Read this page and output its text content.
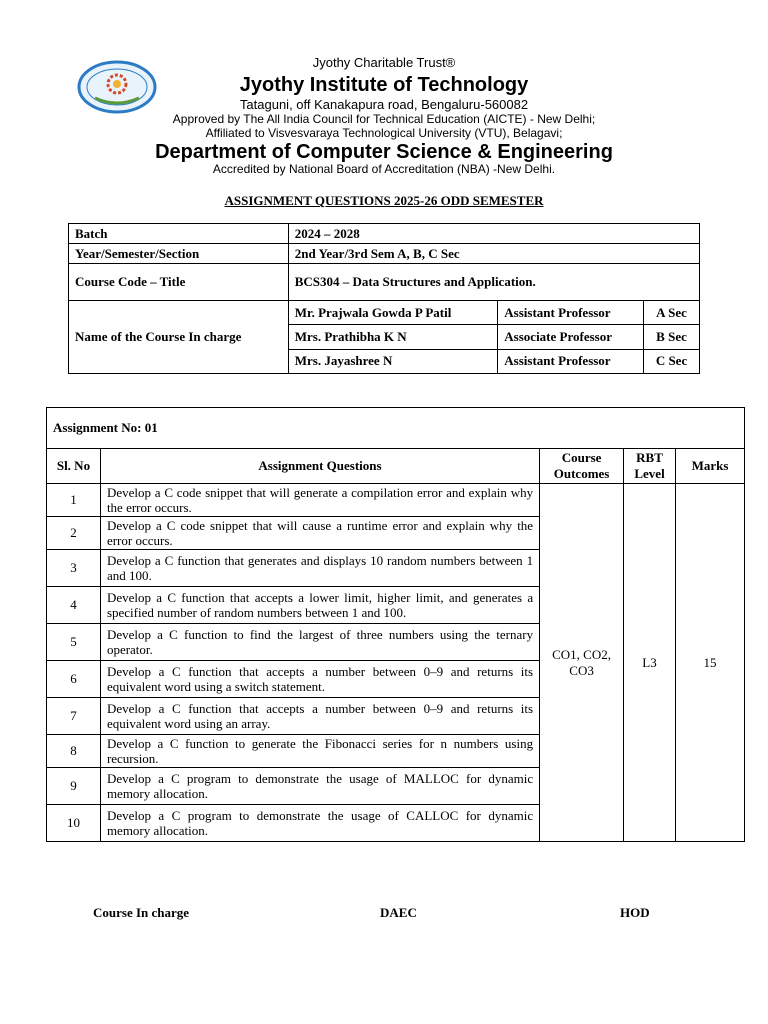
Jyothy Charitable Trust®
Jyothy Institute of Technology
Tataguni, off Kanakapura road, Bengaluru-560082
Approved by The All India Council for Technical Education (AICTE) - New Delhi;
Affiliated to Visvesvaraya Technological University (VTU), Belagavi;
Department of Computer Science & Engineering
Accredited by National Board of Accreditation (NBA) -New Delhi.
ASSIGNMENT QUESTIONS 2025-26 ODD SEMESTER
Batch	2024 – 2028		
Year/Semester/Section	2nd Year/3rd Sem A, B, C Sec		
Course Code – Title	BCS304 – Data Structures and Application.		
Name of the Course In charge	Mr. Prajwala Gowda P Patil	Assistant Professor	A Sec
	Mrs. Prathibha K N	Associate Professor	B Sec
	Mrs. Jayashree N	Assistant Professor	C Sec
Assignment No: 01				
Sl. No	Assignment Questions	Course Outcomes	RBT Level	Marks
1	Develop a C code snippet that will generate a compilation error and explain why the error occurs.	CO1, CO2, CO3	L3	15
2	Develop a C code snippet that will cause a runtime error and explain why the error occurs.			
3	Develop a C function that generates and displays 10 random numbers between 1 and 100.			
4	Develop a C function that accepts a lower limit, higher limit, and generates a specified number of random numbers between 1 and 100.			
5	Develop a C function to find the largest of three numbers using the ternary operator.			
6	Develop a C function that accepts a number between 0–9 and returns its equivalent word using a switch statement.			
7	Develop a C function that accepts a number between 0–9 and returns its equivalent word using an array.			
8	Develop a C function to generate the Fibonacci series for n numbers using recursion.			
9	Develop a C program to demonstrate the usage of MALLOC for dynamic memory allocation.			
10	Develop a C program to demonstrate the usage of CALLOC for dynamic memory allocation.			
Course In charge	DAEC	HOD
